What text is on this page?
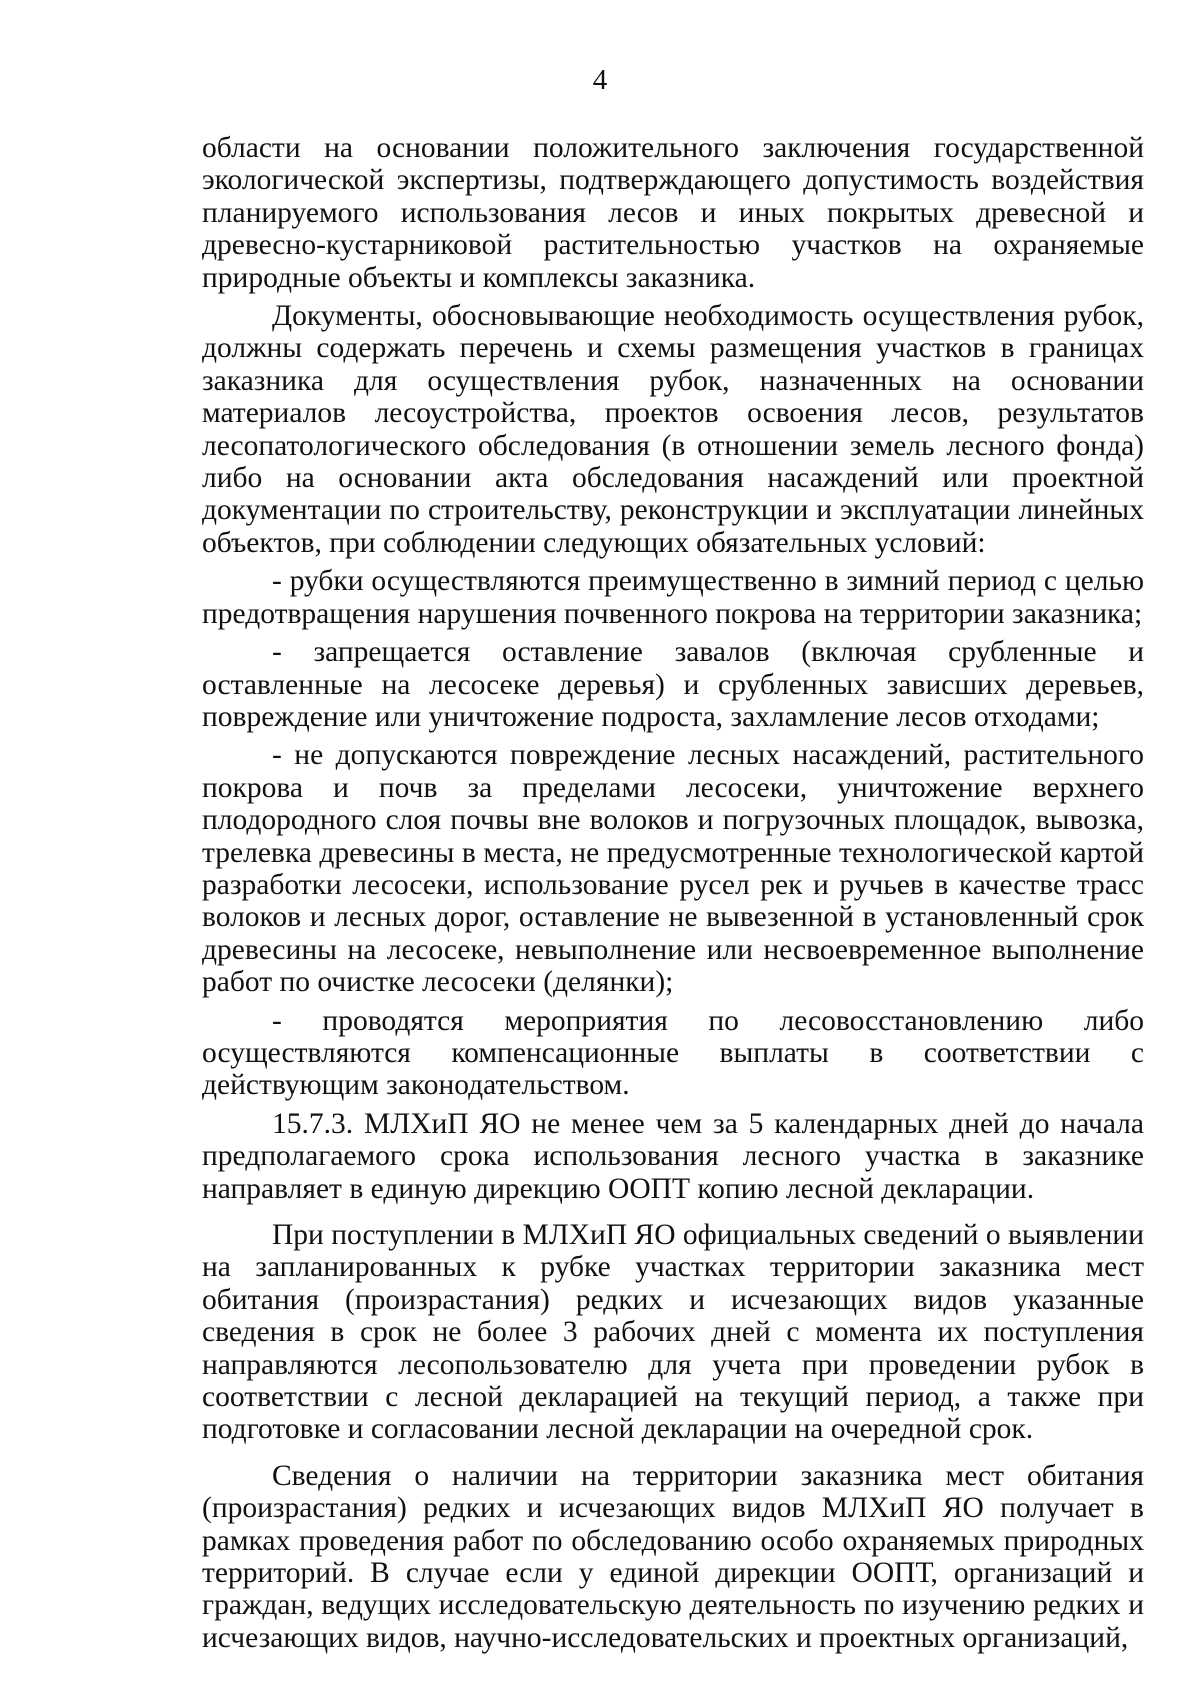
4

области на основании положительного заключения государственной экологической экспертизы, подтверждающего допустимость воздействия планируемого использования лесов и иных покрытых древесной и древесно-кустарниковой растительностью участков на охраняемые природные объекты и комплексы заказника.

Документы, обосновывающие необходимость осуществления рубок, должны содержать перечень и схемы размещения участков в границах заказника для осуществления рубок, назначенных на основании материалов лесоустройства, проектов освоения лесов, результатов лесопатологического обследования (в отношении земель лесного фонда) либо на основании акта обследования насаждений или проектной документации по строительству, реконструкции и эксплуатации линейных объектов, при соблюдении следующих обязательных условий:

- рубки осуществляются преимущественно в зимний период с целью предотвращения нарушения почвенного покрова на территории заказника;

- запрещается оставление завалов (включая срубленные и оставленные на лесосеке деревья) и срубленных зависших деревьев, повреждение или уничтожение подроста, захламление лесов отходами;

- не допускаются повреждение лесных насаждений, растительного покрова и почв за пределами лесосеки, уничтожение верхнего плодородного слоя почвы вне волоков и погрузочных площадок, вывозка, трелевка древесины в места, не предусмотренные технологической картой разработки лесосеки, использование русел рек и ручьев в качестве трасс волоков и лесных дорог, оставление не вывезенной в установленный срок древесины на лесосеке, невыполнение или несвоевременное выполнение работ по очистке лесосеки (делянки);

- проводятся мероприятия по лесовосстановлению либо осуществляются компенсационные выплаты в соответствии с действующим законодательством.

15.7.3. МЛХиП ЯО не менее чем за 5 календарных дней до начала предполагаемого срока использования лесного участка в заказнике направляет в единую дирекцию ООПТ копию лесной декларации.

При поступлении в МЛХиП ЯО официальных сведений о выявлении на запланированных к рубке участках территории заказника мест обитания (произрастания) редких и исчезающих видов указанные сведения в срок не более 3 рабочих дней с момента их поступления направляются лесопользователю для учета при проведении рубок в соответствии с лесной декларацией на текущий период, а также при подготовке и согласовании лесной декларации на очередной срок.

Сведения о наличии на территории заказника мест обитания (произрастания) редких и исчезающих видов МЛХиП ЯО получает в рамках проведения работ по обследованию особо охраняемых природных территорий. В случае если у единой дирекции ООПТ, организаций и граждан, ведущих исследовательскую деятельность по изучению редких и исчезающих видов, научно-исследовательских и проектных организаций,
